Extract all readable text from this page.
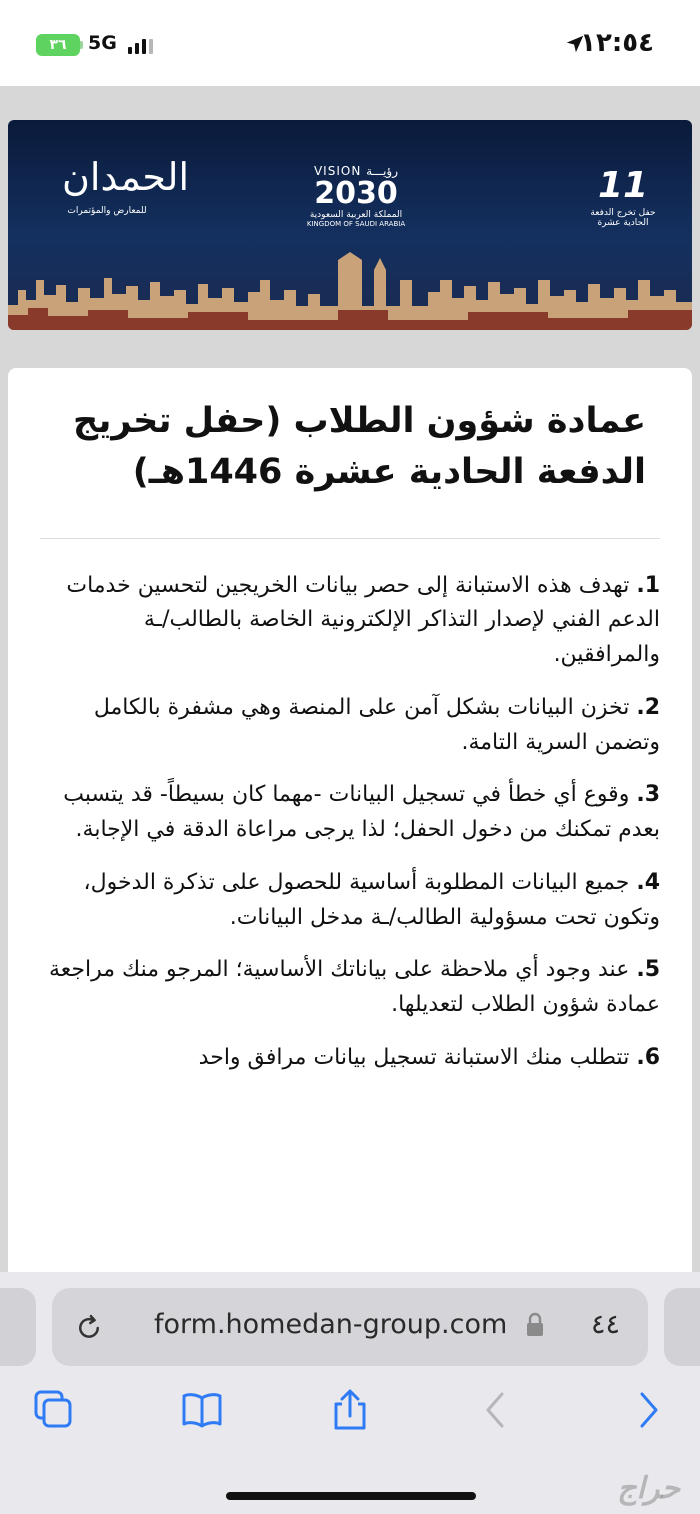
٣٦ 5G	١٢:٥٤
الحمدان
للمعارض والمؤتمرات
VISION رؤيـــة
2030
المملكة العربية السعودية
KINGDOM OF SAUDI ARABIA
11
حفل تخرج الدفعة الحادية عشرة
عمادة شؤون الطلاب (حفل تخريج الدفعة الحادية عشرة 1446هـ)
1. تهدف هذه الاستبانة إلى حصر بيانات الخريجين لتحسين خدمات الدعم الفني لإصدار التذاكر الإلكترونية الخاصة بالطالب/ـة والمرافقين.
2. تخزن البيانات بشكل آمن على المنصة وهي مشفرة بالكامل وتضمن السرية التامة.
3. وقوع أي خطأ في تسجيل البيانات -مهما كان بسيطاً- قد يتسبب بعدم تمكنك من دخول الحفل؛ لذا يرجى مراعاة الدقة في الإجابة.
4. جميع البيانات المطلوبة أساسية للحصول على تذكرة الدخول، وتكون تحت مسؤولية الطالب/ـة مدخل البيانات.
5. عند وجود أي ملاحظة على بياناتك الأساسية؛ المرجو منك مراجعة عمادة شؤون الطلاب لتعديلها.
6. تتطلب منك الاستبانة تسجيل بيانات مرافق واحد
form.homedan-group.com	٤٤
حراج
